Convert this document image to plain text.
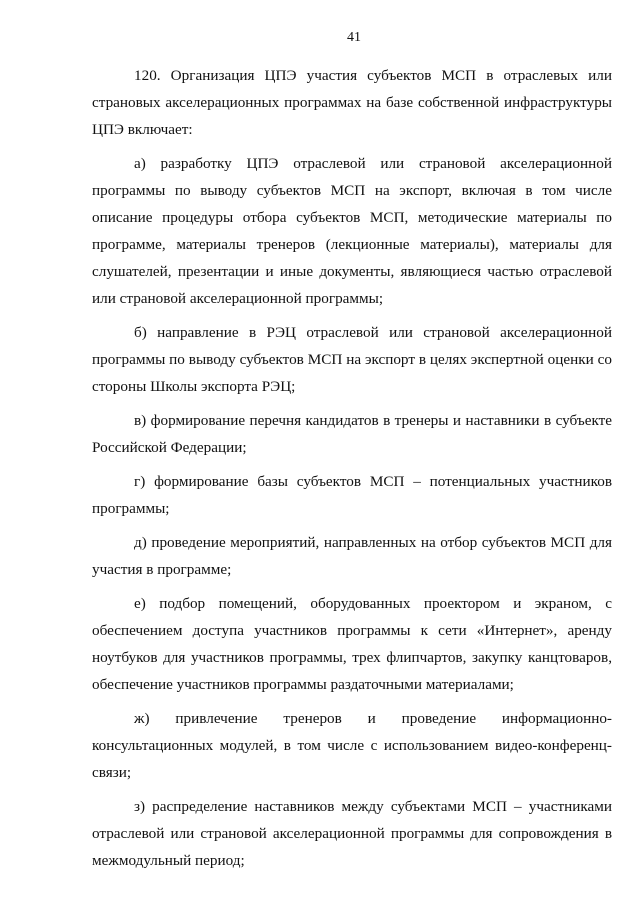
41

120. Организация ЦПЭ участия субъектов МСП в отраслевых или страновых акселерационных программах на базе собственной инфраструктуры ЦПЭ включает:

а) разработку ЦПЭ отраслевой или страновой акселерационной программы по выводу субъектов МСП на экспорт, включая в том числе описание процедуры отбора субъектов МСП, методические материалы по программе, материалы тренеров (лекционные материалы), материалы для слушателей, презентации и иные документы, являющиеся частью отраслевой или страновой акселерационной программы;

б) направление в РЭЦ отраслевой или страновой акселерационной программы по выводу субъектов МСП на экспорт в целях экспертной оценки со стороны Школы экспорта РЭЦ;

в) формирование перечня кандидатов в тренеры и наставники в субъекте Российской Федерации;

г) формирование базы субъектов МСП – потенциальных участников программы;

д) проведение мероприятий, направленных на отбор субъектов МСП для участия в программе;

е) подбор помещений, оборудованных проектором и экраном, с обеспечением доступа участников программы к сети «Интернет», аренду ноутбуков для участников программы, трех флипчартов, закупку канцтоваров, обеспечение участников программы раздаточными материалами;

ж) привлечение тренеров и проведение информационно-консультационных модулей, в том числе с использованием видео-конференц-связи;

з) распределение наставников между субъектами МСП – участниками отраслевой или страновой акселерационной программы для сопровождения в межмодульный период;
